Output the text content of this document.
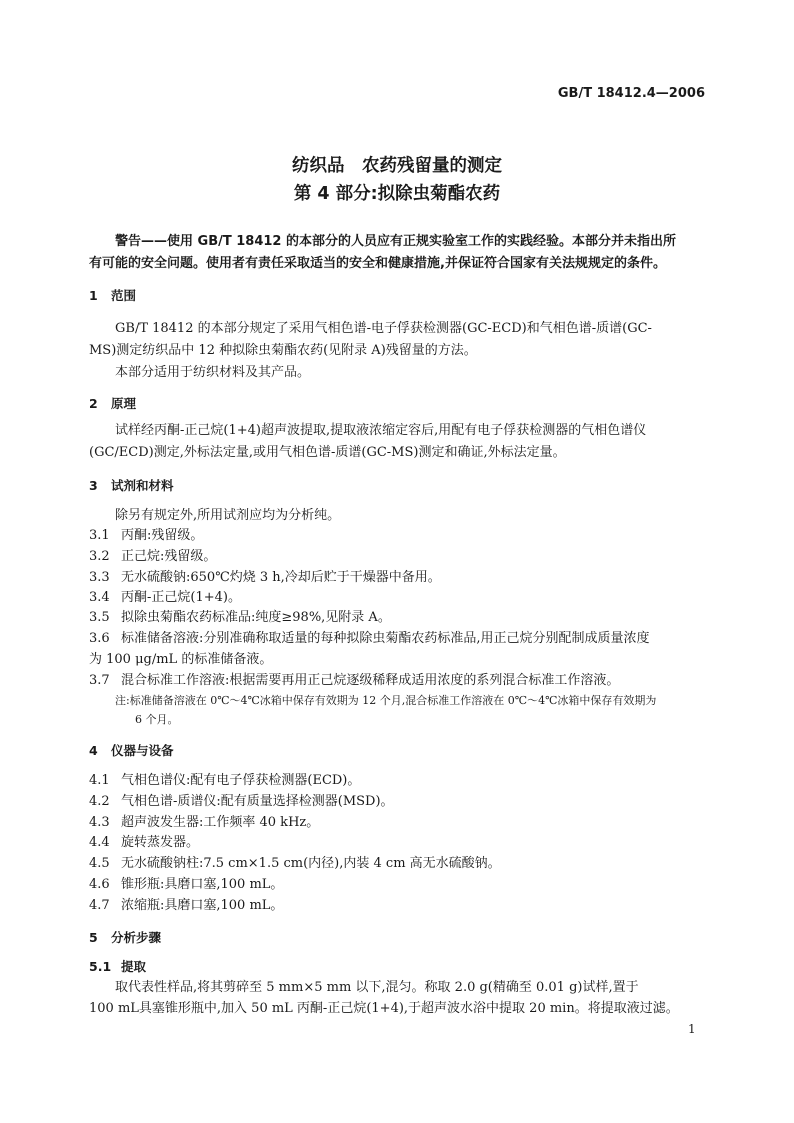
GB/T 18412.4—2006
纺织品　农药残留量的测定
第 4 部分:拟除虫菊酯农药
警告——使用 GB/T 18412 的本部分的人员应有正规实验室工作的实践经验。本部分并未指出所
有可能的安全问题。使用者有责任采取适当的安全和健康措施,并保证符合国家有关法规规定的条件。
1 范围
GB/T 18412 的本部分规定了采用气相色谱-电子俘获检测器(GC-ECD)和气相色谱-质谱(GC-
MS)测定纺织品中 12 种拟除虫菊酯农药(见附录 A)残留量的方法。
本部分适用于纺织材料及其产品。
2 原理
试样经丙酮-正己烷(1+4)超声波提取,提取液浓缩定容后,用配有电子俘获检测器的气相色谱仪
(GC/ECD)测定,外标法定量,或用气相色谱-质谱(GC-MS)测定和确证,外标法定量。
3 试剂和材料
除另有规定外,所用试剂应均为分析纯。
3.1 丙酮:残留级。
3.2 正己烷:残留级。
3.3 无水硫酸钠:650℃灼烧 3 h,冷却后贮于干燥器中备用。
3.4 丙酮-正己烷(1+4)。
3.5 拟除虫菊酯农药标准品:纯度≥98%,见附录 A。
3.6 标准储备溶液:分别准确称取适量的每种拟除虫菊酯农药标准品,用正己烷分别配制成质量浓度
为 100 μg/mL 的标准储备液。
3.7 混合标准工作溶液:根据需要再用正己烷逐级稀释成适用浓度的系列混合标准工作溶液。
注:标准储备溶液在 0℃～4℃冰箱中保存有效期为 12 个月,混合标准工作溶液在 0℃～4℃冰箱中保存有效期为
6 个月。
4 仪器与设备
4.1 气相色谱仪:配有电子俘获检测器(ECD)。
4.2 气相色谱-质谱仪:配有质量选择检测器(MSD)。
4.3 超声波发生器:工作频率 40 kHz。
4.4 旋转蒸发器。
4.5 无水硫酸钠柱:7.5 cm×1.5 cm(内径),内装 4 cm 高无水硫酸钠。
4.6 锥形瓶:具磨口塞,100 mL。
4.7 浓缩瓶:具磨口塞,100 mL。
5 分析步骤
5.1 提取
取代表性样品,将其剪碎至 5 mm×5 mm 以下,混匀。称取 2.0 g(精确至 0.01 g)试样,置于
100 mL具塞锥形瓶中,加入 50 mL 丙酮-正己烷(1+4),于超声波水浴中提取 20 min。将提取液过滤。
1
